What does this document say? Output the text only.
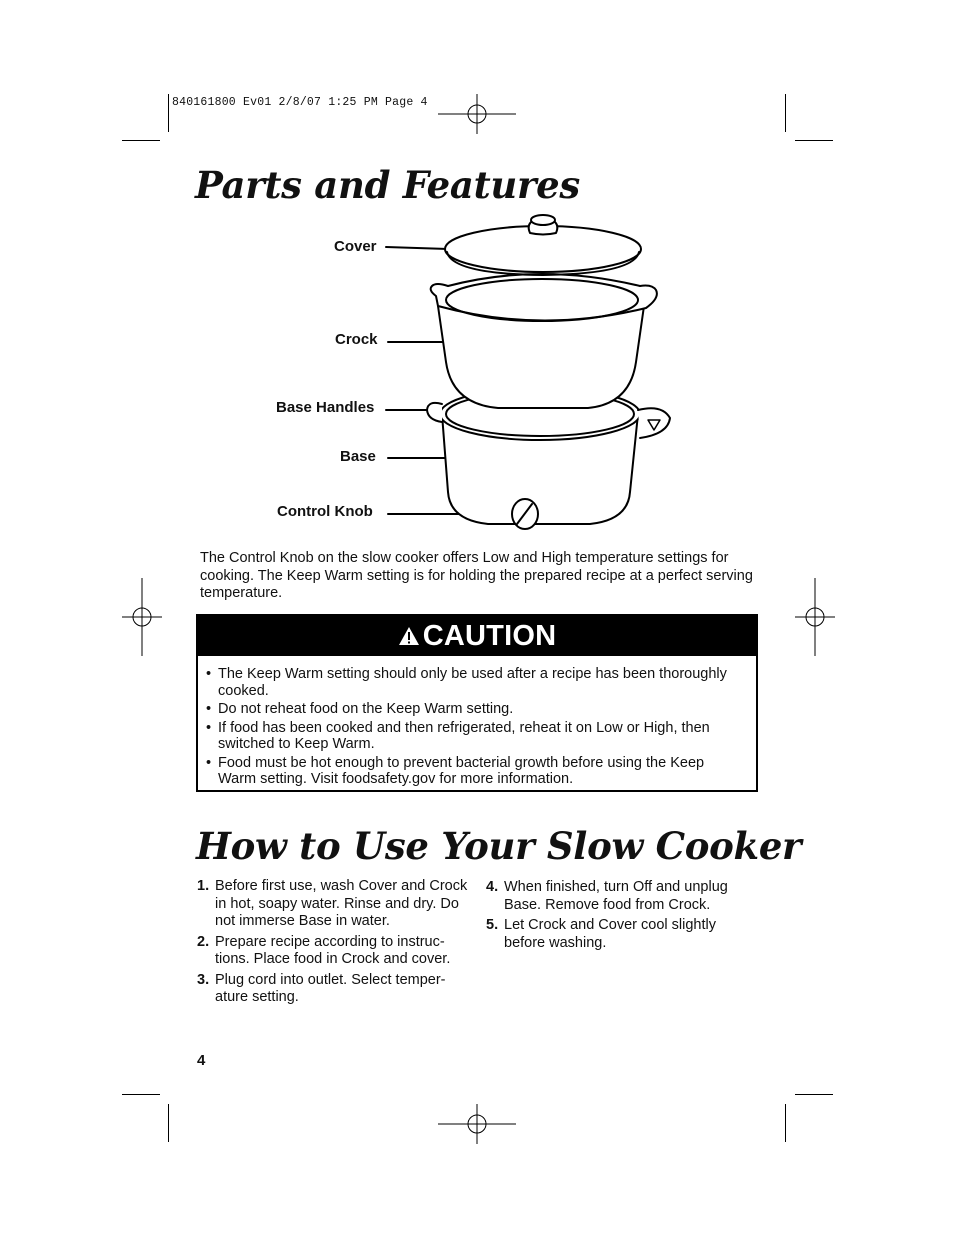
840161800 Ev01 2/8/07 1:25 PM Page 4
Parts and Features
Cover
Crock
Base Handles
Base
Control Knob
The Control Knob on the slow cooker offers Low and High temperature settings for cooking. The Keep Warm setting is for holding the prepared recipe at a perfect serving temperature.
CAUTION
• The Keep Warm setting should only be used after a recipe has been thoroughly cooked.
• Do not reheat food on the Keep Warm setting.
• If food has been cooked and then refrigerated, reheat it on Low or High, then switched to Keep Warm.
• Food must be hot enough to prevent bacterial growth before using the Keep Warm setting. Visit foodsafety.gov for more information.
How to Use Your Slow Cooker
1. Before first use, wash Cover and Crock in hot, soapy water. Rinse and dry. Do not immerse Base in water.
2. Prepare recipe according to instruc-tions. Place food in Crock and cover.
3. Plug cord into outlet. Select temper-ature setting.
4. When finished, turn Off and unplug Base. Remove food from Crock.
5. Let Crock and Cover cool slightly before washing.
4
